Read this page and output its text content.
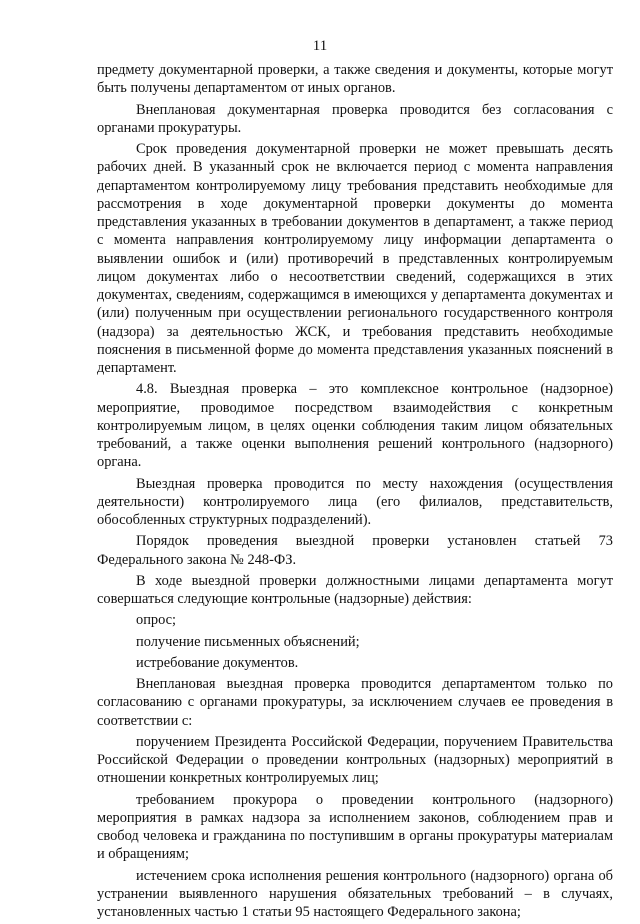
11

предмету документарной проверки, а также сведения и документы, которые могут быть получены департаментом от иных органов.

Внеплановая документарная проверка проводится без согласования с органами прокуратуры.

Срок проведения документарной проверки не может превышать десять рабочих дней. В указанный срок не включается период с момента направления департаментом контролируемому лицу требования представить необходимые для рассмотрения в ходе документарной проверки документы до момента представления указанных в требовании документов в департамент, а также период с момента направления контролируемому лицу информации департамента о выявлении ошибок и (или) противоречий в представленных контролируемым лицом документах либо о несоответствии сведений, содержащихся в этих документах, сведениям, содержащимся в имеющихся у департамента документах и (или) полученным при осуществлении регионального государственного контроля (надзора) за деятельностью ЖСК, и требования представить необходимые пояснения в письменной форме до момента представления указанных пояснений в департамент.

4.8. Выездная проверка – это комплексное контрольное (надзорное) мероприятие, проводимое посредством взаимодействия с конкретным контролируемым лицом, в целях оценки соблюдения таким лицом обязательных требований, а также оценки выполнения решений контрольного (надзорного) органа.

Выездная проверка проводится по месту нахождения (осуществления деятельности) контролируемого лица (его филиалов, представительств, обособленных структурных подразделений).

Порядок проведения выездной проверки установлен статьей 73 Федерального закона № 248-ФЗ.

В ходе выездной проверки должностными лицами департамента могут совершаться следующие контрольные (надзорные) действия:

опрос;

получение письменных объяснений;

истребование документов.

Внеплановая выездная проверка проводится департаментом только по согласованию с органами прокуратуры, за исключением случаев ее проведения в соответствии с:

поручением Президента Российской Федерации, поручением Правительства Российской Федерации о проведении контрольных (надзорных) мероприятий в отношении конкретных контролируемых лиц;

требованием прокурора о проведении контрольного (надзорного) мероприятия в рамках надзора за исполнением законов, соблюдением прав и свобод человека и гражданина по поступившим в органы прокуратуры материалам и обращениям;

истечением срока исполнения решения контрольного (надзорного) органа об устранении выявленного нарушения обязательных требований – в случаях, установленных частью 1 статьи 95 настоящего Федерального закона;
